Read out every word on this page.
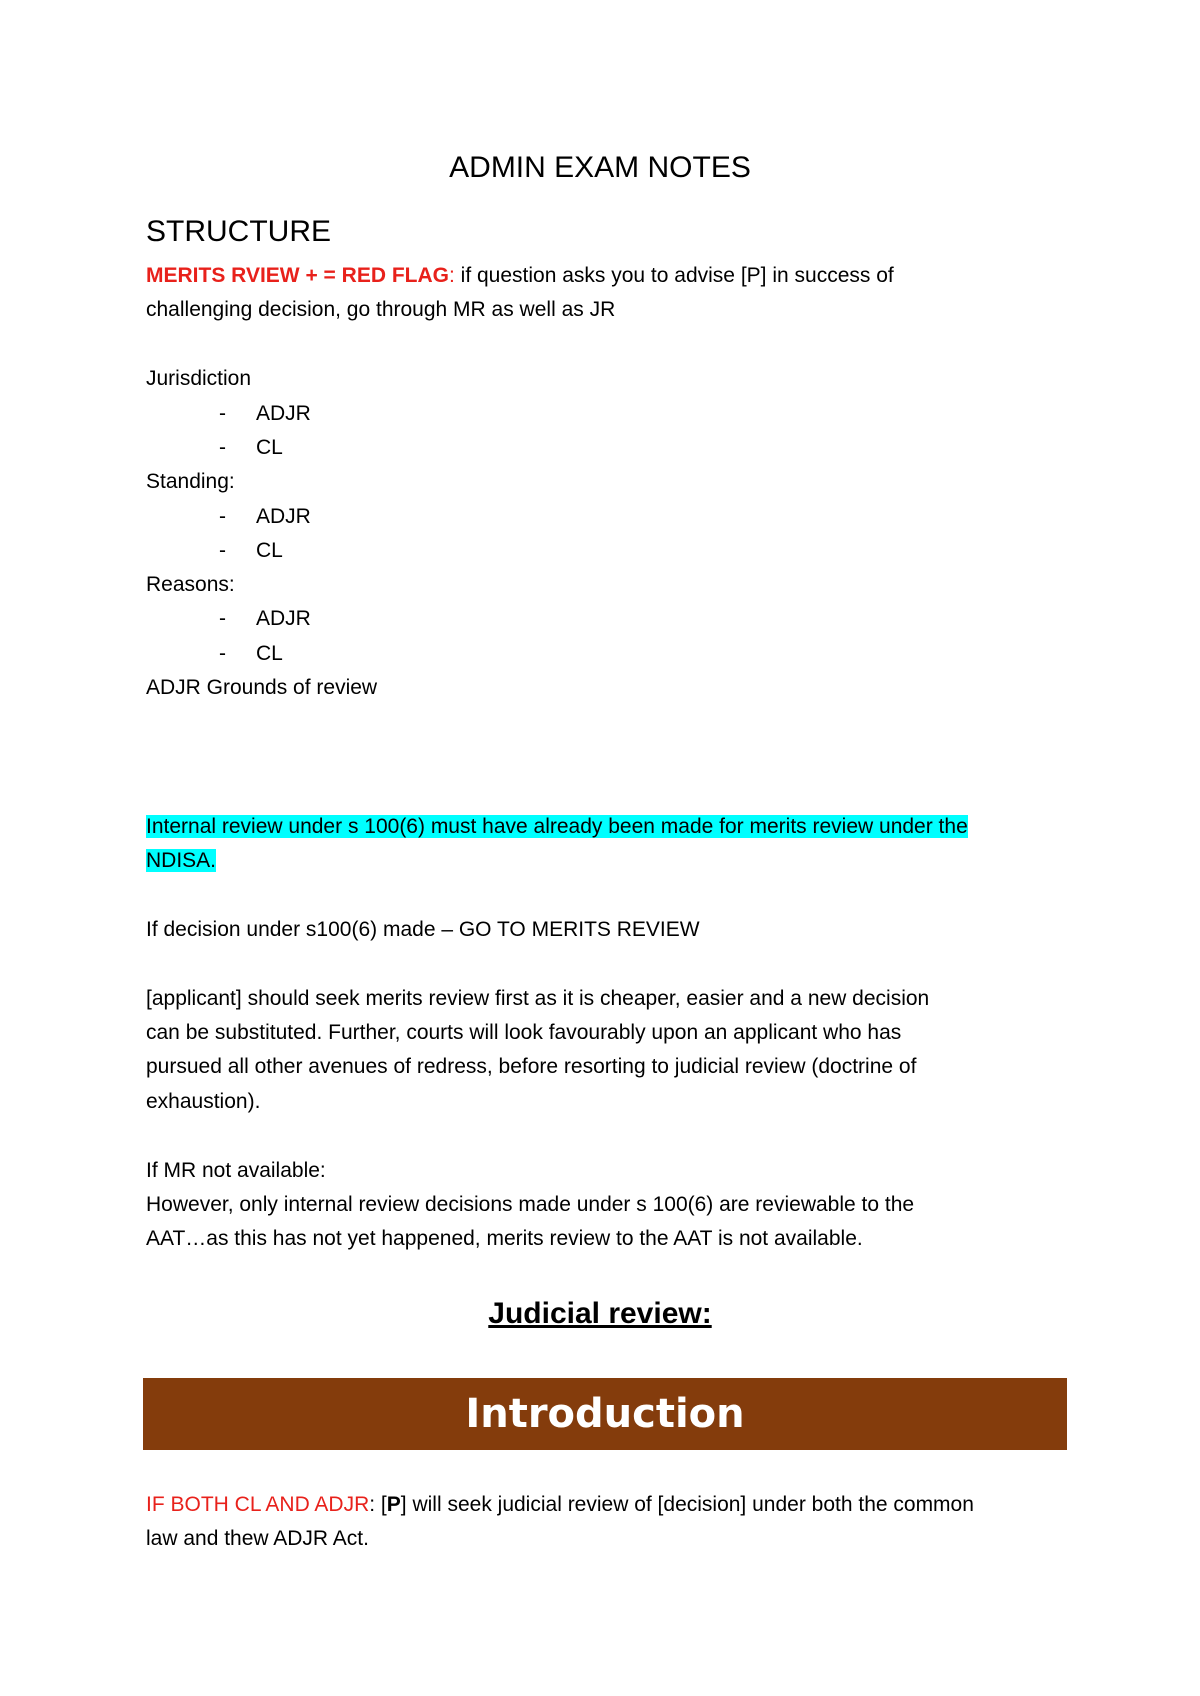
ADMIN EXAM NOTES
STRUCTURE
MERITS RVIEW + = RED FLAG: if question asks you to advise [P] in success of
challenging decision, go through MR as well as JR
Jurisdiction
- ADJR
- CL
Standing:
- ADJR
- CL
Reasons:
- ADJR
- CL
ADJR Grounds of review
Internal review under s 100(6) must have already been made for merits review under the
NDISA.
If decision under s100(6) made – GO TO MERITS REVIEW
[applicant] should seek merits review first as it is cheaper, easier and a new decision
can be substituted. Further, courts will look favourably upon an applicant who has
pursued all other avenues of redress, before resorting to judicial review (doctrine of
exhaustion).
If MR not available:
However, only internal review decisions made under s 100(6) are reviewable to the
AAT…as this has not yet happened, merits review to the AAT is not available.
Judicial review:
Introduction
IF BOTH CL AND ADJR: [P] will seek judicial review of [decision] under both the common
law and thew ADJR Act.
